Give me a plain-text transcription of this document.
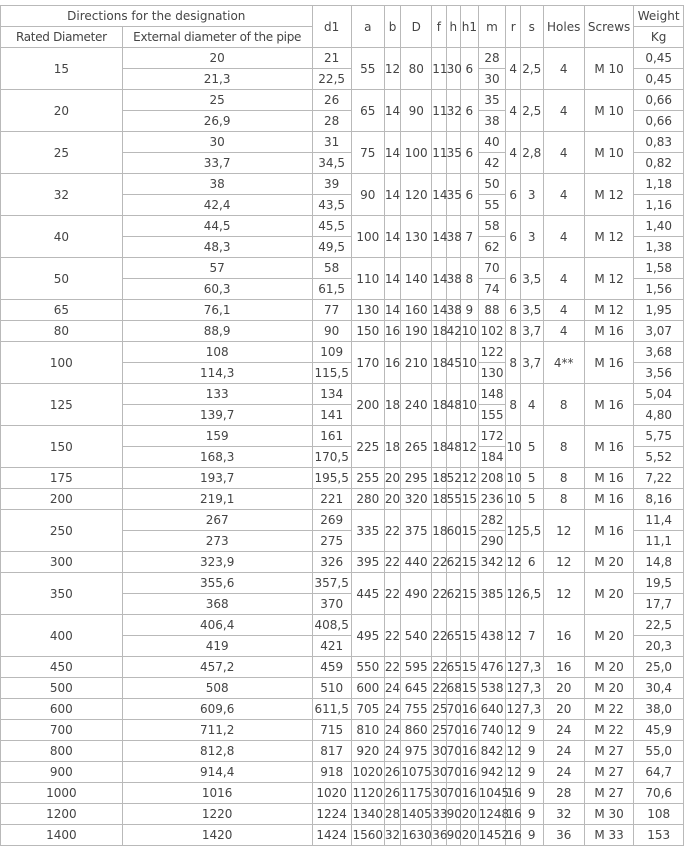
Directions for the designation		d1	a	b	D	f	h	h1	m	r	s	Holes	Screws	Weight
Rated Diameter	External diameter of the pipe													Kg
15	20	21	55	12	80	11	30	6	28	4	2,5	4	M 10	0,45
	21,3	22,5							30					0,45
20	25	26	65	14	90	11	32	6	35	4	2,5	4	M 10	0,66
	26,9	28							38					0,66
25	30	31	75	14	100	11	35	6	40	4	2,8	4	M 10	0,83
	33,7	34,5							42					0,82
32	38	39	90	14	120	14	35	6	50	6	3	4	M 12	1,18
	42,4	43,5							55					1,16
40	44,5	45,5	100	14	130	14	38	7	58	6	3	4	M 12	1,40
	48,3	49,5							62					1,38
50	57	58	110	14	140	14	38	8	70	6	3,5	4	M 12	1,58
	60,3	61,5							74					1,56
65	76,1	77	130	14	160	14	38	9	88	6	3,5	4	M 12	1,95
80	88,9	90	150	16	190	18	42	10	102	8	3,7	4	M 16	3,07
100	108	109	170	16	210	18	45	10	122	8	3,7	4**	M 16	3,68
	114,3	115,5							130					3,56
125	133	134	200	18	240	18	48	10	148	8	4	8	M 16	5,04
	139,7	141							155					4,80
150	159	161	225	18	265	18	48	12	172	10	5	8	M 16	5,75
	168,3	170,5							184					5,52
175	193,7	195,5	255	20	295	18	52	12	208	10	5	8	M 16	7,22
200	219,1	221	280	20	320	18	55	15	236	10	5	8	M 16	8,16
250	267	269	335	22	375	18	60	15	282	12	5,5	12	M 16	11,4
	273	275							290					11,1
300	323,9	326	395	22	440	22	62	15	342	12	6	12	M 20	14,8
350	355,6	357,5	445	22	490	22	62	15	385	12	6,5	12	M 20	19,5
	368	370												17,7
400	406,4	408,5	495	22	540	22	65	15	438	12	7	16	M 20	22,5
	419	421												20,3
450	457,2	459	550	22	595	22	65	15	476	12	7,3	16	M 20	25,0
500	508	510	600	24	645	22	68	15	538	12	7,3	20	M 20	30,4
600	609,6	611,5	705	24	755	25	70	16	640	12	7,3	20	M 22	38,0
700	711,2	715	810	24	860	25	70	16	740	12	9	24	M 22	45,9
800	812,8	817	920	24	975	30	70	16	842	12	9	24	M 27	55,0
900	914,4	918	1020	26	1075	30	70	16	942	12	9	24	M 27	64,7
1000	1016	1020	1120	26	1175	30	70	16	1045	16	9	28	M 27	70,6
1200	1220	1224	1340	28	1405	33	90	20	1248	16	9	32	M 30	108
1400	1420	1424	1560	32	1630	36	90	20	1452	16	9	36	M 33	153
